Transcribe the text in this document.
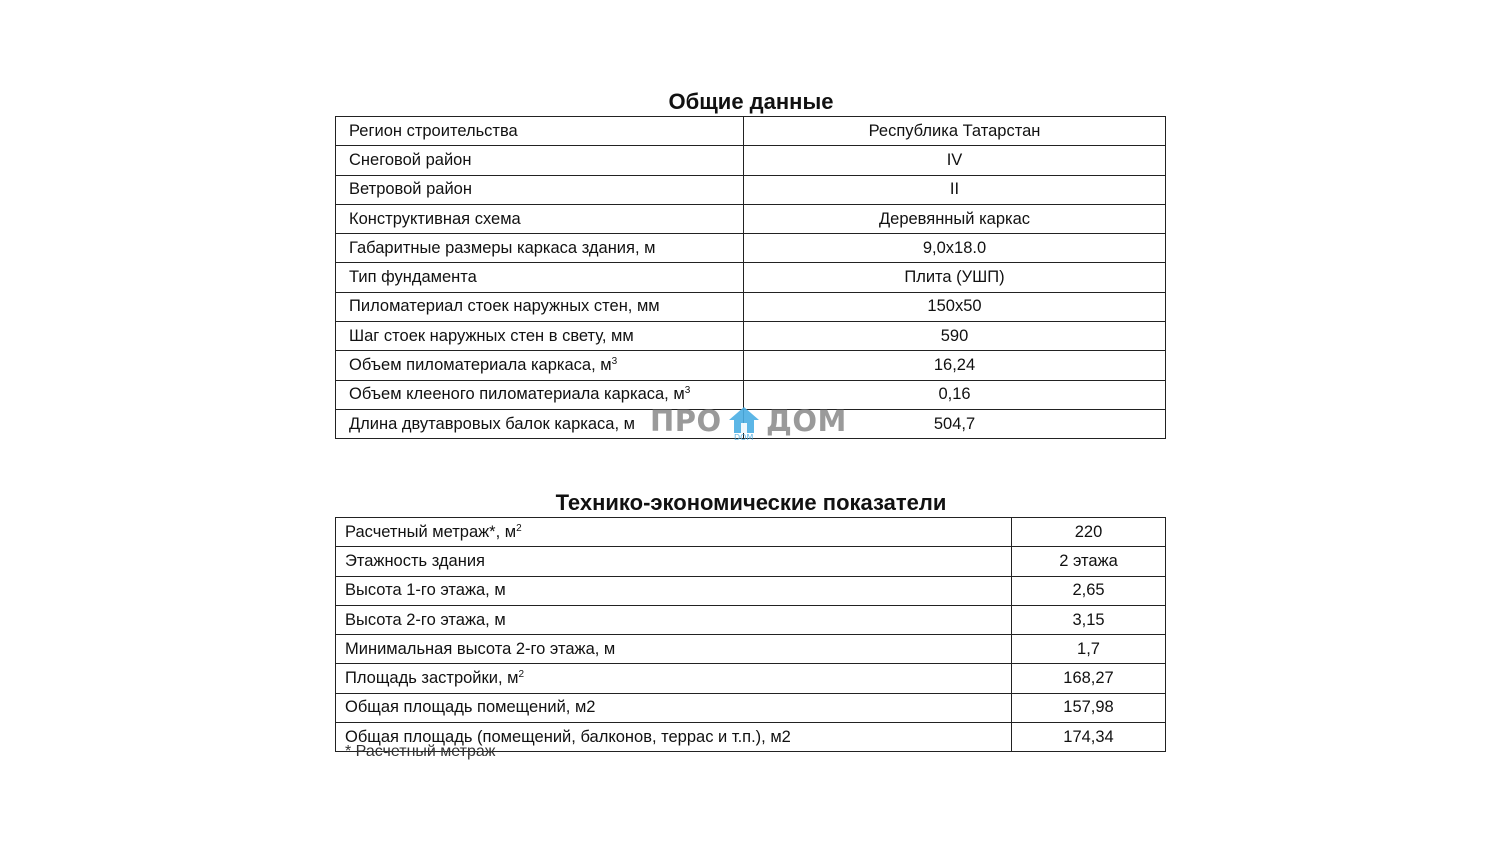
Общие данные
Регион строительства	Республика Татарстан
Снеговой район	IV
Ветровой район	II
Конструктивная схема	Деревянный каркас
Габаритные размеры каркаса здания, м	9,0x18.0
Тип фундамента	Плита (УШП)
Пиломатериал стоек наружных стен, мм	150x50
Шаг стоек наружных стен в свету, мм	590
Объем пиломатериала каркаса, $м^3$	16,24
Объем клееного пиломатериала каркаса, $м^3$	0,16
Длина двутавровых балок каркаса, м	504,7
Технико-экономические показатели
Расчетный метраж*, $м^2$	220
Этажность здания	2 этажа
Высота 1-го этажа, м	2,65
Высота 2-го этажа, м	3,15
Минимальная высота 2-го этажа, м	1,7
Площадь застройки, $м^2$	168,27
Общая площадь помещений, м2	157,98
Общая площадь (помещений, балконов, террас и т.п.), м2	174,34
ПРО DOM ДОМ
* Расчетный метраж
